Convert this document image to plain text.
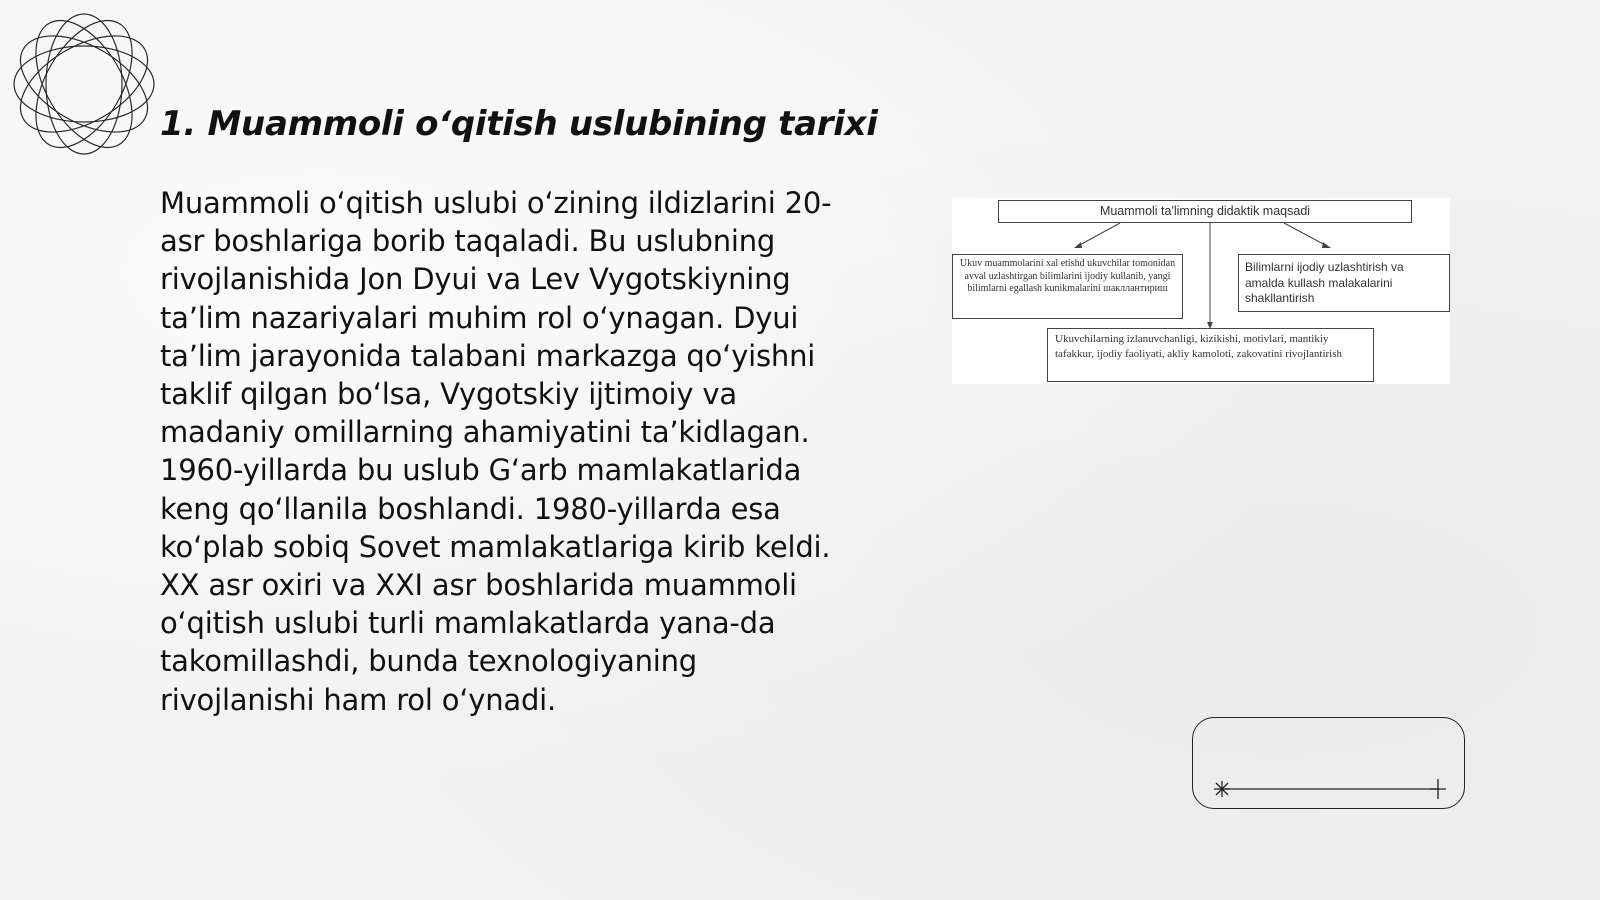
1. Muammoli o‘qitish uslubining tarixi

Muammoli o‘qitish uslubi o‘zining ildizlarini 20-asr boshlariga borib taqaladi. Bu uslubning rivojlanishida Jon Dyui va Lev Vygotskiyning ta’lim nazariyalari muhim rol o‘ynagan. Dyui ta’lim jarayonida talabani markazga qo‘yishni taklif qilgan bo‘lsa, Vygotskiy ijtimoiy va madaniy omillarning ahamiyatini ta’kidlagan. 1960-yillarda bu uslub G‘arb mamlakatlarida keng qo‘llanila boshlandi. 1980-yillarda esa ko‘plab sobiq Sovet mamlakatlariga kirib keldi. XX asr oxiri va XXI asr boshlarida muammoli o‘qitish uslubi turli mamlakatlarda yana-da takomillashdi, bunda texnologiyaning rivojlanishi ham rol o‘ynadi.

Muammoli ta'limning didaktik maqsadi
Ukuv muammolarini xal etishd ukuvchilar tomonidan avval uzlashtirgan bilimlarini ijodiy kullanib, yangi bilimlarni egallash kunikmalarini шакллантириш
Bilimlarni ijodiy uzlashtirish va amalda kullash malakalarini shakllantirish
Ukuvchilarning izlanuvchanligi, kizikishi, motivlari, mantikiy tafakkur, ijodiy faoliyati, akliy kamoloti, zakovatini rivojlantirish
